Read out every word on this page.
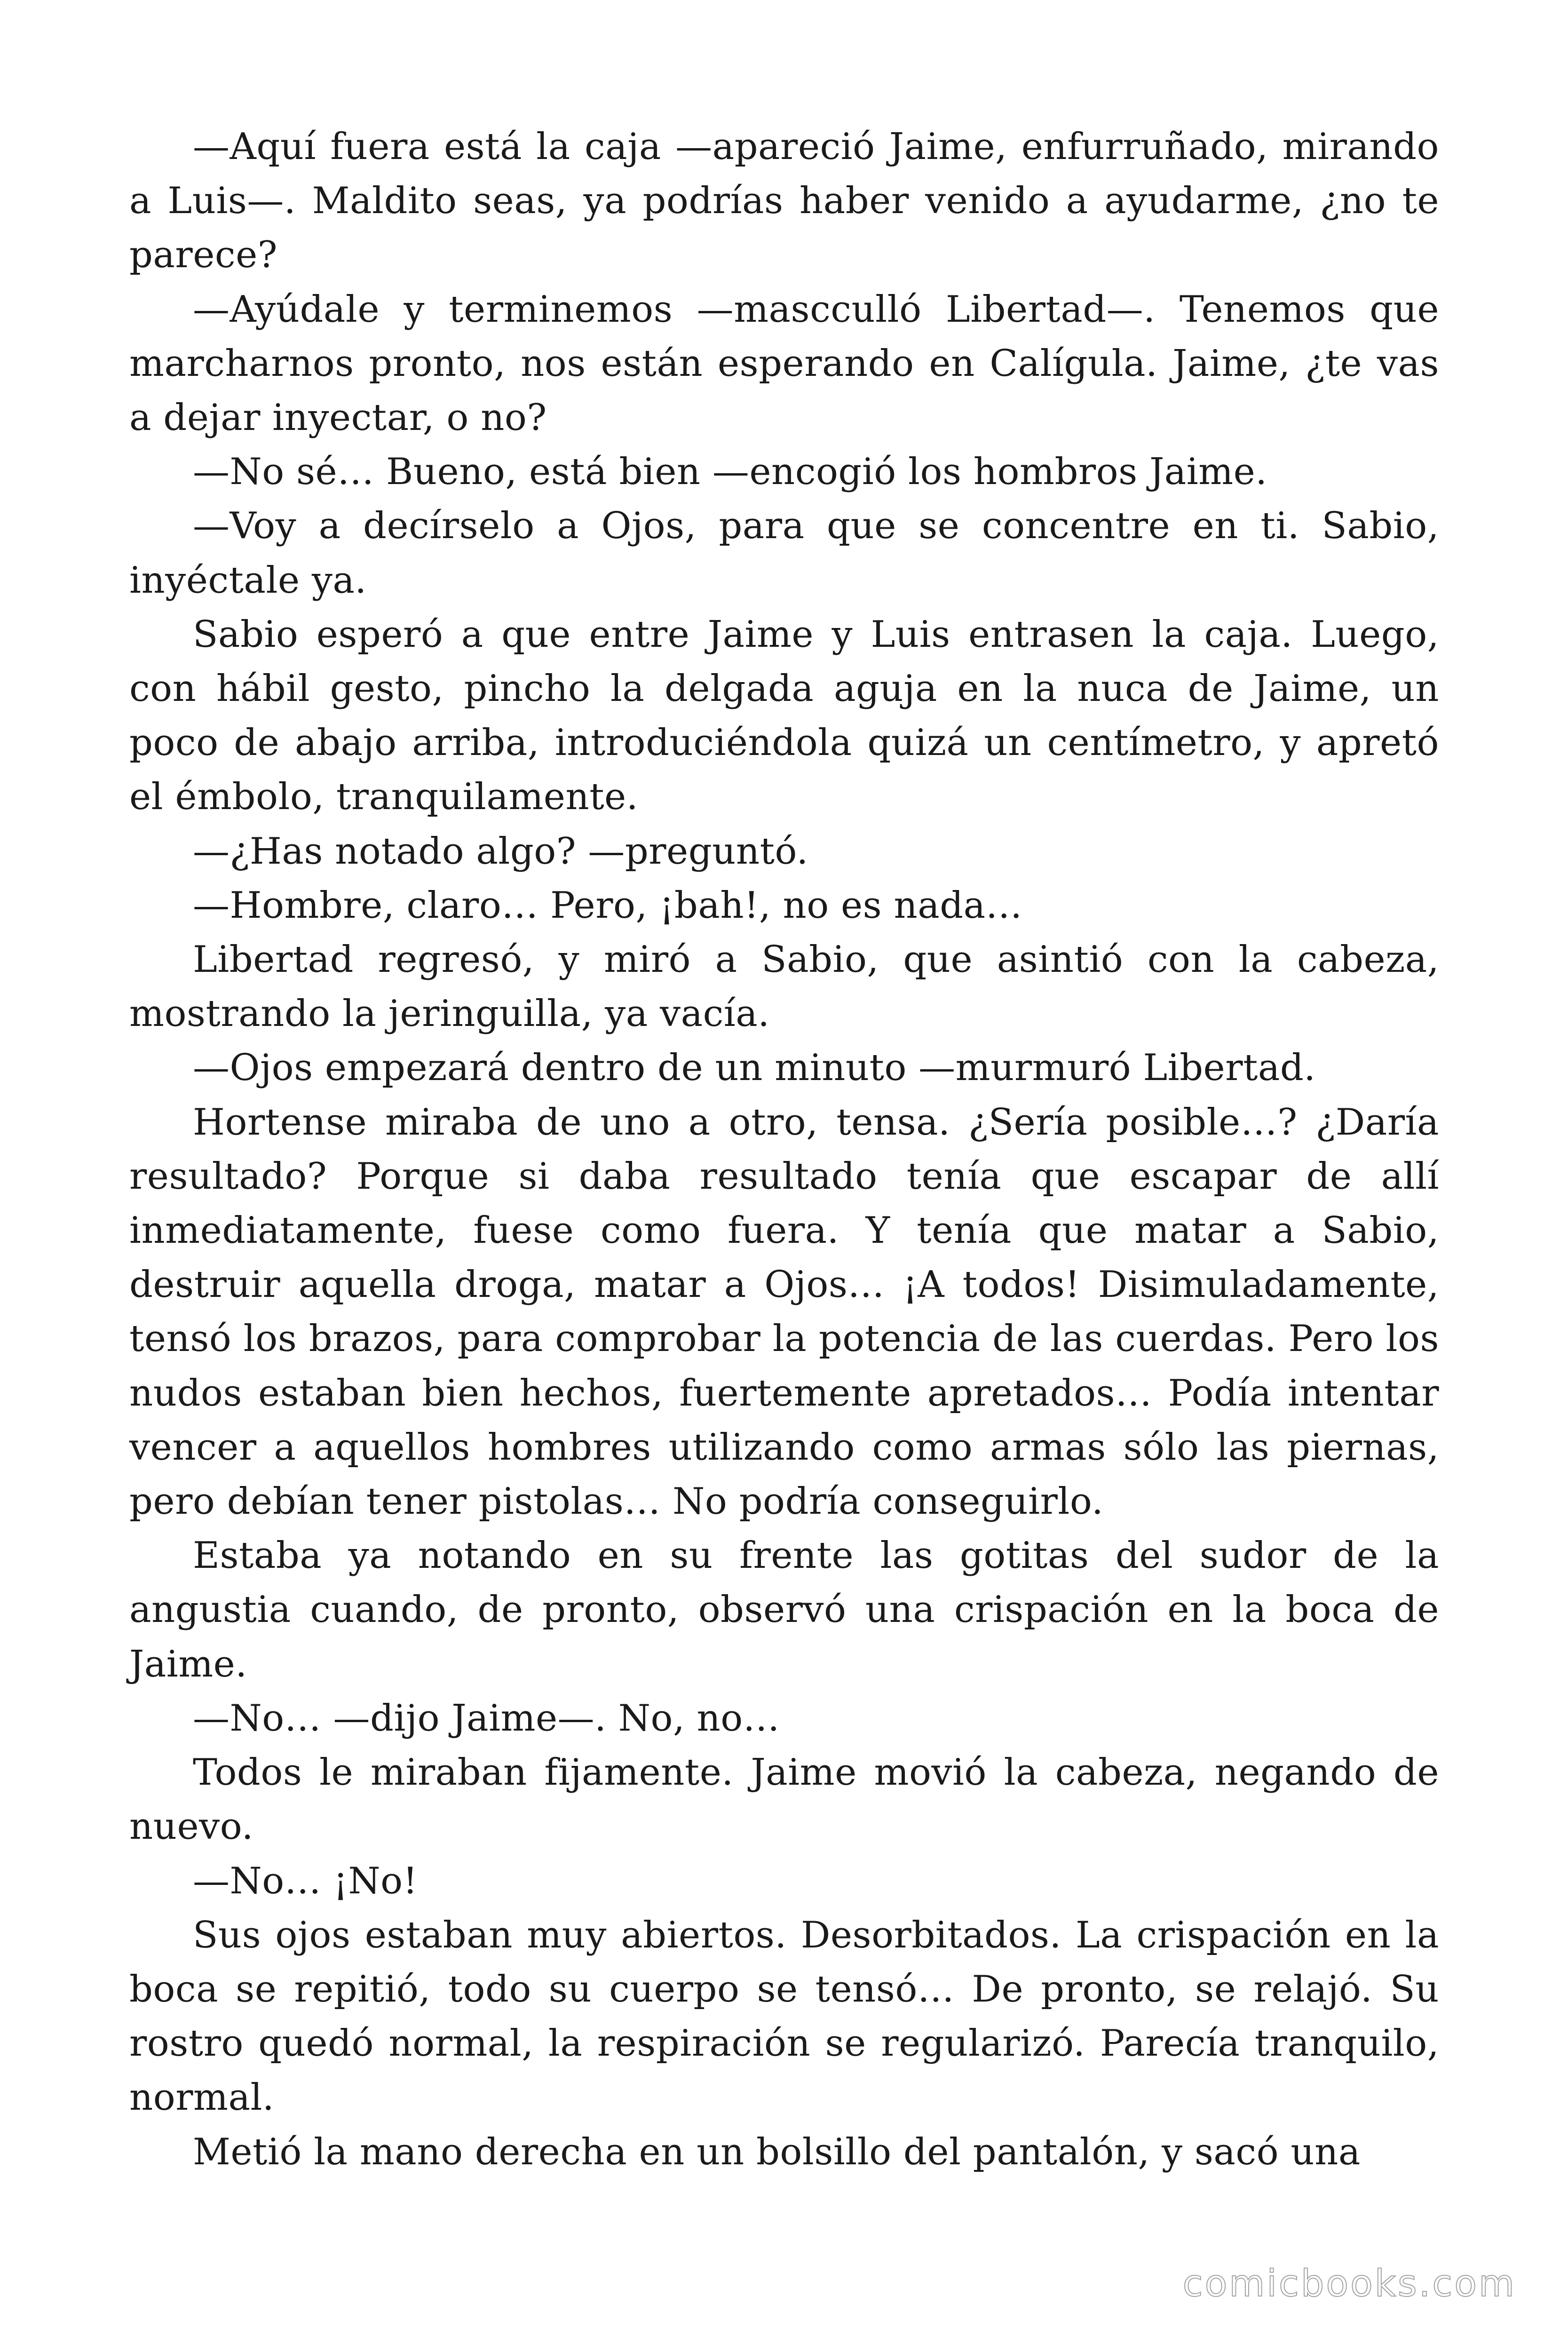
—Aquí fuera está la caja —apareció Jaime, enfurruñado, mirando a Luis—. Maldito seas, ya podrías haber venido a ayudarme, ¿no te parece?

—Ayúdale y terminemos —mascculló Libertad—. Tenemos que marcharnos pronto, nos están esperando en Calígula. Jaime, ¿te vas a dejar inyectar, o no?

—No sé… Bueno, está bien —encogió los hombros Jaime.

—Voy a decírselo a Ojos, para que se concentre en ti. Sabio, inyéctale ya.

Sabio esperó a que entre Jaime y Luis entrasen la caja. Luego, con hábil gesto, pincho la delgada aguja en la nuca de Jaime, un poco de abajo arriba, introduciéndola quizá un centímetro, y apretó el émbolo, tranquilamente.

—¿Has notado algo? —preguntó.

—Hombre, claro… Pero, ¡bah!, no es nada…

Libertad regresó, y miró a Sabio, que asintió con la cabeza, mostrando la jeringuilla, ya vacía.

—Ojos empezará dentro de un minuto —murmuró Libertad.

Hortense miraba de uno a otro, tensa. ¿Sería posible…? ¿Daría resultado? Porque si daba resultado tenía que escapar de allí inmediatamente, fuese como fuera. Y tenía que matar a Sabio, destruir aquella droga, matar a Ojos… ¡A todos! Disimuladamente, tensó los brazos, para comprobar la potencia de las cuerdas. Pero los nudos estaban bien hechos, fuertemente apretados… Podía intentar vencer a aquellos hombres utilizando como armas sólo las piernas, pero debían tener pistolas… No podría conseguirlo.

Estaba ya notando en su frente las gotitas del sudor de la angustia cuando, de pronto, observó una crispación en la boca de Jaime.

—No… —dijo Jaime—. No, no…

Todos le miraban fijamente. Jaime movió la cabeza, negando de nuevo.

—No… ¡No!

Sus ojos estaban muy abiertos. Desorbitados. La crispación en la boca se repitió, todo su cuerpo se tensó… De pronto, se relajó. Su rostro quedó normal, la respiración se regularizó. Parecía tranquilo, normal.

Metió la mano derecha en un bolsillo del pantalón, y sacó una

comicbooks.com
